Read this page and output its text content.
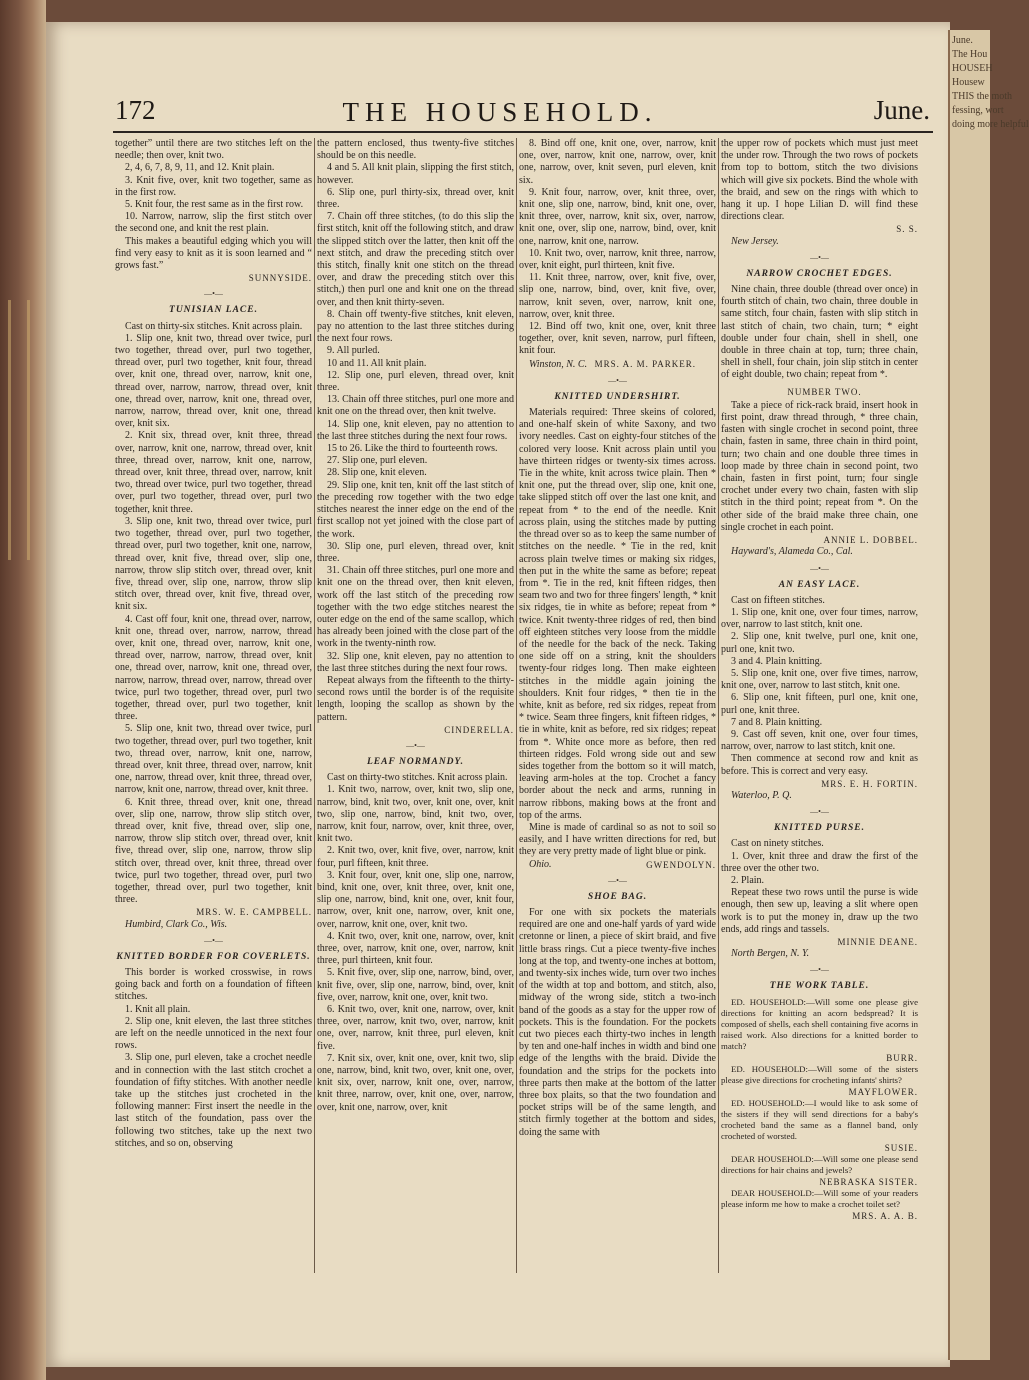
June.
The Hou
HOUSEH
Housew
THIS the moth
fessing, wort
doing more helpful
172	THE HOUSEHOLD.	June.

together” until there are two stitches left on the needle; then over, knit two.

2, 4, 6, 7, 8, 9, 11, and 12. Knit plain.

3. Knit five, over, knit two together, same as in the first row.

5. Knit four, the rest same as in the first row.

10. Narrow, narrow, slip the first stitch over the second one, and knit the rest plain.

This makes a beautiful edging which you will find very easy to knit as it is soon learned and “ grows fast.”

SUNNYSIDE.

—•—
TUNISIAN LACE.

Cast on thirty-six stitches. Knit across plain.

1. Slip one, knit two, thread over twice, purl two together, thread over, purl two together, thread over, purl two together, knit four, thread over, knit one, thread over, narrow, knit one, thread over, narrow, narrow, thread over, knit one, thread over, narrow, knit one, thread over, narrow, narrow, thread over, knit one, thread over, knit six.

2. Knit six, thread over, knit three, thread over, narrow, knit one, narrow, thread over, knit three, thread over, narrow, knit one, narrow, thread over, knit three, thread over, narrow, knit two, thread over twice, purl two together, thread over, purl two together, thread over, purl two together, knit three.

3. Slip one, knit two, thread over twice, purl two together, thread over, purl two together, thread over, purl two together, knit one, narrow, thread over, knit five, thread over, slip one, narrow, throw slip stitch over, thread over, knit five, thread over, slip one, narrow, throw slip stitch over, thread over, knit five, thread over, knit six.

4. Cast off four, knit one, thread over, narrow, knit one, thread over, narrow, narrow, thread over, knit one, thread over, narrow, knit one, thread over, narrow, narrow, thread over, knit one, thread over, narrow, knit one, thread over, narrow, narrow, thread over, narrow, thread over twice, purl two together, thread over, purl two together, thread over, purl two together, knit three.

5. Slip one, knit two, thread over twice, purl two together, thread over, purl two together, knit two, thread over, narrow, knit one, narrow, thread over, knit three, thread over, narrow, knit one, narrow, thread over, knit three, thread over, narrow, knit one, narrow, thread over, knit three.

6. Knit three, thread over, knit one, thread over, slip one, narrow, throw slip stitch over, thread over, knit five, thread over, slip one, narrow, throw slip stitch over, thread over, knit five, thread over, slip one, narrow, throw slip stitch over, thread over, knit three, thread over twice, purl two together, thread over, purl two together, thread over, purl two together, knit three.

MRS. W. E. CAMPBELL.

Humbird, Clark Co., Wis.

—•—
KNITTED BORDER FOR COVERLETS.

This border is worked crosswise, in rows going back and forth on a foundation of fifteen stitches.

1. Knit all plain.

2. Slip one, knit eleven, the last three stitches are left on the needle unnoticed in the next four rows.

3. Slip one, purl eleven, take a crochet needle and in connection with the last stitch crochet a foundation of fifty stitches. With another needle take up the stitches just crocheted in the following manner: First insert the needle in the last stitch of the foundation, pass over the following two stitches, take up the next two stitches, and so on, observing

the pattern enclosed, thus twenty-five stitches should be on this needle.

4 and 5. All knit plain, slipping the first stitch, however.

6. Slip one, purl thirty-six, thread over, knit three.

7. Chain off three stitches, (to do this slip the first stitch, knit off the following stitch, and draw the slipped stitch over the latter, then knit off the next stitch, and draw the preceding stitch over this stitch, finally knit one stitch on the thread over, and draw the preceding stitch over this stitch,) then purl one and knit one on the thread over, and then knit thirty-seven.

8. Chain off twenty-five stitches, knit eleven, pay no attention to the last three stitches during the next four rows.

9. All purled.

10 and 11. All knit plain.

12. Slip one, purl eleven, thread over, knit three.

13. Chain off three stitches, purl one more and knit one on the thread over, then knit twelve.

14. Slip one, knit eleven, pay no attention to the last three stitches during the next four rows.

15 to 26. Like the third to fourteenth rows.

27. Slip one, purl eleven.

28. Slip one, knit eleven.

29. Slip one, knit ten, knit off the last stitch of the preceding row together with the two edge stitches nearest the inner edge on the end of the first scallop not yet joined with the close part of the work.

30. Slip one, purl eleven, thread over, knit three.

31. Chain off three stitches, purl one more and knit one on the thread over, then knit eleven, work off the last stitch of the preceding row together with the two edge stitches nearest the outer edge on the end of the same scallop, which has already been joined with the close part of the work in the twenty-ninth row.

32. Slip one, knit eleven, pay no attention to the last three stitches during the next four rows.

Repeat always from the fifteenth to the thirty-second rows until the border is of the requisite length, looping the scallop as shown by the pattern.

CINDERELLA.

—•—
LEAF NORMANDY.

Cast on thirty-two stitches. Knit across plain.

1. Knit two, narrow, over, knit two, slip one, narrow, bind, knit two, over, knit one, over, knit two, slip one, narrow, bind, knit two, over, narrow, knit four, narrow, over, knit three, over, knit two.

2. Knit two, over, knit five, over, narrow, knit four, purl fifteen, knit three.

3. Knit four, over, knit one, slip one, narrow, bind, knit one, over, knit three, over, knit one, slip one, narrow, bind, knit one, over, knit four, narrow, over, knit one, narrow, over, knit one, over, narrow, knit one, over, knit two.

4. Knit two, over, knit one, narrow, over, knit three, over, narrow, knit one, over, narrow, knit three, purl thirteen, knit four.

5. Knit five, over, slip one, narrow, bind, over, knit five, over, slip one, narrow, bind, over, knit five, over, narrow, knit one, over, knit two.

6. Knit two, over, knit one, narrow, over, knit three, over, narrow, knit two, over, narrow, knit one, over, narrow, knit three, purl eleven, knit five.

7. Knit six, over, knit one, over, knit two, slip one, narrow, bind, knit two, over, knit one, over, knit six, over, narrow, knit one, over, narrow, knit three, narrow, over, knit one, over, narrow, over, knit one, narrow, over, knit

8. Bind off one, knit one, over, narrow, knit one, over, narrow, knit one, narrow, over, knit one, narrow, over, knit seven, purl eleven, knit six.

9. Knit four, narrow, over, knit three, over, knit one, slip one, narrow, bind, knit one, over, knit three, over, narrow, knit six, over, narrow, knit one, over, slip one, narrow, bind, over, knit one, narrow, knit one, narrow.

10. Knit two, over, narrow, knit three, narrow, over, knit eight, purl thirteen, knit five.

11. Knit three, narrow, over, knit five, over, slip one, narrow, bind, over, knit five, over, narrow, knit seven, over, narrow, knit one, narrow, over, knit three.

12. Bind off two, knit one, over, knit three together, over, knit seven, narrow, purl fifteen, knit four.

Winston, N. C. MRS. A. M. PARKER.

—•—
KNITTED UNDERSHIRT.

Materials required: Three skeins of colored, and one-half skein of white Saxony, and two ivory needles. Cast on eighty-four stitches of the colored very loose. Knit across plain until you have thirteen ridges or twenty-six times across. Tie in the white, knit across twice plain. Then * knit one, put the thread over, slip one, knit one, take slipped stitch off over the last one knit, and repeat from * to the end of the needle. Knit across plain, using the stitches made by putting the thread over so as to keep the same number of stitches on the needle. * Tie in the red, knit across plain twelve times or making six ridges, then put in the white the same as before; repeat from *. Tie in the red, knit fifteen ridges, then seam two and two for three fingers' length, * knit six ridges, tie in white as before; repeat from * twice. Knit twenty-three ridges of red, then bind off eighteen stitches very loose from the middle of the needle for the back of the neck. Taking one side off on a string, knit the shoulders twenty-four ridges long. Then make eighteen stitches in the middle again joining the shoulders. Knit four ridges, * then tie in the white, knit as before, red six ridges, repeat from * twice. Seam three fingers, knit fifteen ridges, * tie in white, knit as before, red six ridges; repeat from *. White once more as before, then red thirteen ridges. Fold wrong side out and sew sides together from the bottom so it will match, leaving arm-holes at the top. Crochet a fancy border about the neck and arms, running in narrow ribbons, making bows at the front and top of the arms.

Mine is made of cardinal so as not to soil so easily, and I have written directions for red, but they are very pretty made of light blue or pink.

Ohio.	GWENDOLYN.

—•—
SHOE BAG.

For one with six pockets the materials required are one and one-half yards of yard wide cretonne or linen, a piece of skirt braid, and five little brass rings. Cut a piece twenty-five inches long at the top, and twenty-one inches at bottom, and twenty-six inches wide, turn over two inches of the width at top and bottom, and stitch, also, midway of the wrong side, stitch a two-inch band of the goods as a stay for the upper row of pockets. This is the foundation. For the pockets cut two pieces each thirty-two inches in length by ten and one-half inches in width and bind one edge of the lengths with the braid. Divide the foundation and the strips for the pockets into three parts then make at the bottom of the latter three box plaits, so that the two foundation and pocket strips will be of the same length, and stitch firmly together at the bottom and sides, doing the same with

the upper row of pockets which must just meet the under row. Through the two rows of pockets from top to bottom, stitch the two divisions which will give six pockets. Bind the whole with the braid, and sew on the rings with which to hang it up. I hope Lilian D. will find these directions clear.

S. S.

New Jersey.

—•—
NARROW CROCHET EDGES.

Nine chain, three double (thread over once) in fourth stitch of chain, two chain, three double in same stitch, four chain, fasten with slip stitch in last stitch of chain, two chain, turn; * eight double under four chain, shell in shell, one double in three chain at top, turn; three chain, shell in shell, four chain, join slip stitch in center of eight double, two chain; repeat from *.

NUMBER TWO.

Take a piece of rick-rack braid, insert hook in first point, draw thread through, * three chain, fasten with single crochet in second point, three chain, fasten in same, three chain in third point, turn; two chain and one double three times in loop made by three chain in second point, two chain, fasten in first point, turn; four single crochet under every two chain, fasten with slip stitch in the third point; repeat from *. On the other side of the braid make three chain, one single crochet in each point.

ANNIE L. DOBBEL.

Hayward's, Alameda Co., Cal.

—•—
AN EASY LACE.

Cast on fifteen stitches.

1. Slip one, knit one, over four times, narrow, over, narrow to last stitch, knit one.

2. Slip one, knit twelve, purl one, knit one, purl one, knit two.

3 and 4. Plain knitting.

5. Slip one, knit one, over five times, narrow, knit one, over, narrow to last stitch, knit one.

6. Slip one, knit fifteen, purl one, knit one, purl one, knit three.

7 and 8. Plain knitting.

9. Cast off seven, knit one, over four times, narrow, over, narrow to last stitch, knit one.

Then commence at second row and knit as before. This is correct and very easy.

MRS. E. H. FORTIN.

Waterloo, P. Q.

—•—
KNITTED PURSE.

Cast on ninety stitches.

1. Over, knit three and draw the first of the three over the other two.

2. Plain.

Repeat these two rows until the purse is wide enough, then sew up, leaving a slit where open work is to put the money in, draw up the two ends, add rings and tassels.

MINNIE DEANE.

North Bergen, N. Y.

—•—
THE WORK TABLE.

ED. HOUSEHOLD:—Will some one please give directions for knitting an acorn bedspread? It is composed of shells, each shell containing five acorns in raised work. Also directions for a knitted border to match?

BURR.

ED. HOUSEHOLD:—Will some of the sisters please give directions for crocheting infants' shirts?

MAYFLOWER.

ED. HOUSEHOLD:—I would like to ask some of the sisters if they will send directions for a baby's crocheted band the same as a flannel band, only crocheted of worsted.

SUSIE.

DEAR HOUSEHOLD:—Will some one please send directions for hair chains and jewels?

NEBRASKA SISTER.

DEAR HOUSEHOLD:—Will some of your readers please inform me how to make a crochet toilet set?

MRS. A. A. B.
